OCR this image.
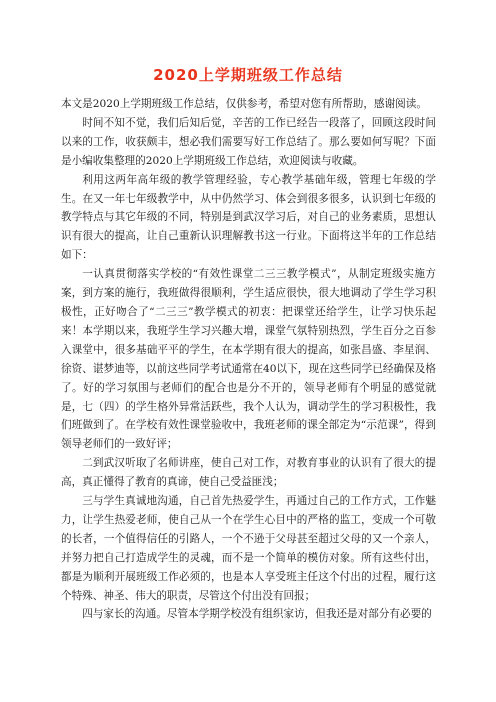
2020上学期班级工作总结

本文是2020上学期班级工作总结，仅供参考，希望对您有所帮助，感谢阅读。

时间不知不觉，我们后知后觉，辛苦的工作已经告一段落了，回顾这段时间以来的工作，收获颇丰，想必我们需要写好工作总结了。那么要如何写呢？下面是小编收集整理的2020上学期班级工作总结，欢迎阅读与收藏。

利用这两年高年级的教学管理经验，专心教学基础年级，管理七年级的学生。在又一年七年级教学中，从中仍然学习、体会到很多很多，认识到七年级的教学特点与其它年级的不同，特别是到武汉学习后，对自己的业务素质，思想认识有很大的提高，让自己重新认识理解教书这一行业。下面将这半年的工作总结如下：

一认真贯彻落实学校的“有效性课堂二三三教学模式”，从制定班级实施方案，到方案的施行，我班做得很顺利，学生适应很快，很大地调动了学生学习积极性，正好吻合了“二三三”教学模式的初衷：把课堂还给学生，让学习快乐起来！本学期以来，我班学生学习兴趣大增，课堂气氛特别热烈，学生百分之百参入课堂中，很多基础平平的学生，在本学期有很大的提高，如张昌盛、李星润、徐资、谌梦迪等，以前这些同学考试通常在40以下，现在这些同学已经确保及格了。好的学习氛围与老师们的配合也是分不开的，领导老师有个明显的感觉就是，七（四）的学生格外异常活跃些，我个人认为，调动学生的学习积极性，我们班做到了。在学校有效性课堂验收中，我班老师的课全部定为“示范课”，得到领导老师们的一致好评；

二到武汉听取了名师讲座，使自己对工作，对教育事业的认识有了很大的提高，真正懂得了教育的真谛，使自己受益匪浅；

三与学生真诚地沟通，自己首先热爱学生，再通过自己的工作方式，工作魅力，让学生热爱老师，使自己从一个在学生心目中的严格的监工，变成一个可敬的长者，一个值得信任的引路人，一个不逊于父母甚至超过父母的又一个亲人，并努力把自己打造成学生的灵魂，而不是一个简单的模仿对象。所有这些付出，都是为顺利开展班级工作必须的，也是本人享受班主任这个付出的过程，履行这个特殊、神圣、伟大的职责，尽管这个付出没有回报；

四与家长的沟通。尽管本学期学校没有组织家访，但我还是对部分有必要的
